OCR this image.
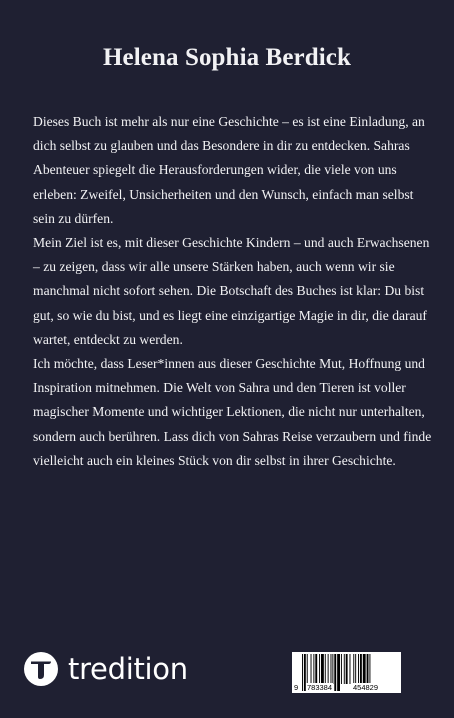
Helena Sophia Berdick

Dieses Buch ist mehr als nur eine Geschichte – es ist eine Einladung, an dich selbst zu glauben und das Besondere in dir zu entdecken. Sahras Abenteuer spiegelt die Herausforderungen wider, die viele von uns erleben: Zweifel, Unsicherheiten und den Wunsch, einfach man selbst sein zu dürfen.

Mein Ziel ist es, mit dieser Geschichte Kindern – und auch Erwachsenen – zu zeigen, dass wir alle unsere Stärken haben, auch wenn wir sie manchmal nicht sofort sehen. Die Botschaft des Buches ist klar: Du bist gut, so wie du bist, und es liegt eine einzigartige Magie in dir, die darauf wartet, entdeckt zu werden.

Ich möchte, dass Leser*innen aus dieser Geschichte Mut, Hoffnung und Inspiration mitnehmen. Die Welt von Sahra und den Tieren ist voller magischer Momente und wichtiger Lektionen, die nicht nur unterhalten, sondern auch berühren. Lass dich von Sahras Reise verzaubern und finde vielleicht auch ein kleines Stück von dir selbst in ihrer Geschichte.

tredition
9 783384	454829
